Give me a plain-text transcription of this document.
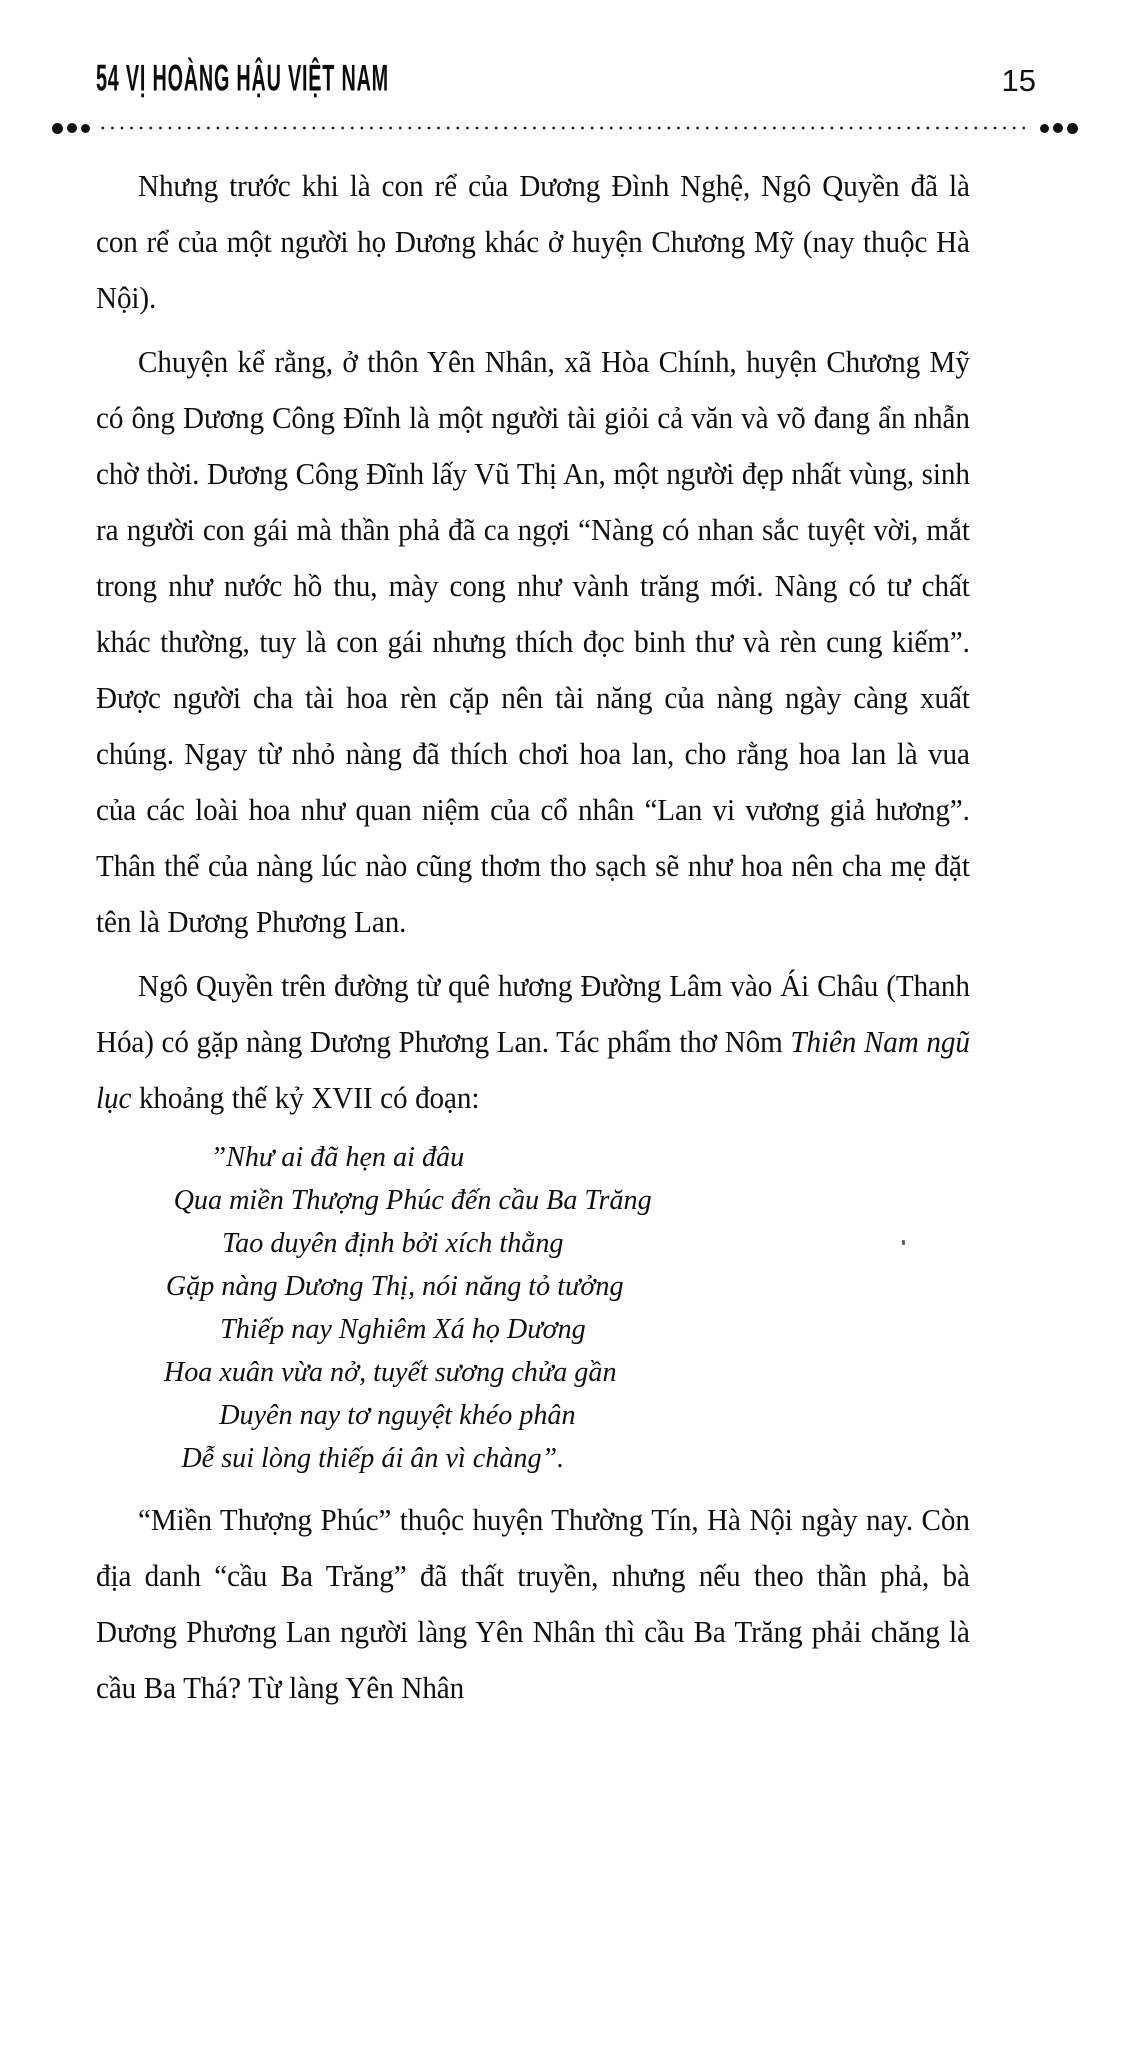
54 VỊ HOÀNG HẬU VIỆT NAM	15

Nhưng trước khi là con rể của Dương Đình Nghệ, Ngô Quyền đã là con rể của một người họ Dương khác ở huyện Chương Mỹ (nay thuộc Hà Nội).

Chuyện kể rằng, ở thôn Yên Nhân, xã Hòa Chính, huyện Chương Mỹ có ông Dương Công Đĩnh là một người tài giỏi cả văn và võ đang ẩn nhẫn chờ thời. Dương Công Đĩnh lấy Vũ Thị An, một người đẹp nhất vùng, sinh ra người con gái mà thần phả đã ca ngợi “Nàng có nhan sắc tuyệt vời, mắt trong như nước hồ thu, mày cong như vành trăng mới. Nàng có tư chất khác thường, tuy là con gái nhưng thích đọc binh thư và rèn cung kiếm”. Được người cha tài hoa rèn cặp nên tài năng của nàng ngày càng xuất chúng. Ngay từ nhỏ nàng đã thích chơi hoa lan, cho rằng hoa lan là vua của các loài hoa như quan niệm của cổ nhân “Lan vi vương giả hương”. Thân thể của nàng lúc nào cũng thơm tho sạch sẽ như hoa nên cha mẹ đặt tên là Dương Phương Lan.

Ngô Quyền trên đường từ quê hương Đường Lâm vào Ái Châu (Thanh Hóa) có gặp nàng Dương Phương Lan. Tác phẩm thơ Nôm Thiên Nam ngũ lục khoảng thế kỷ XVII có đoạn:

”Như ai đã hẹn ai đâu
Qua miền Thượng Phúc đến cầu Ba Trăng
Tao duyên định bởi xích thằng
Gặp nàng Dương Thị, nói năng tỏ tưởng
Thiếp nay Nghiêm Xá họ Dương
Hoa xuân vừa nở, tuyết sương chửa gần
Duyên nay tơ nguyệt khéo phân
Dễ sui lòng thiếp ái ân vì chàng”.

“Miền Thượng Phúc” thuộc huyện Thường Tín, Hà Nội ngày nay. Còn địa danh “cầu Ba Trăng” đã thất truyền, nhưng nếu theo thần phả, bà Dương Phương Lan người làng Yên Nhân thì cầu Ba Trăng phải chăng là cầu Ba Thá? Từ làng Yên Nhân
